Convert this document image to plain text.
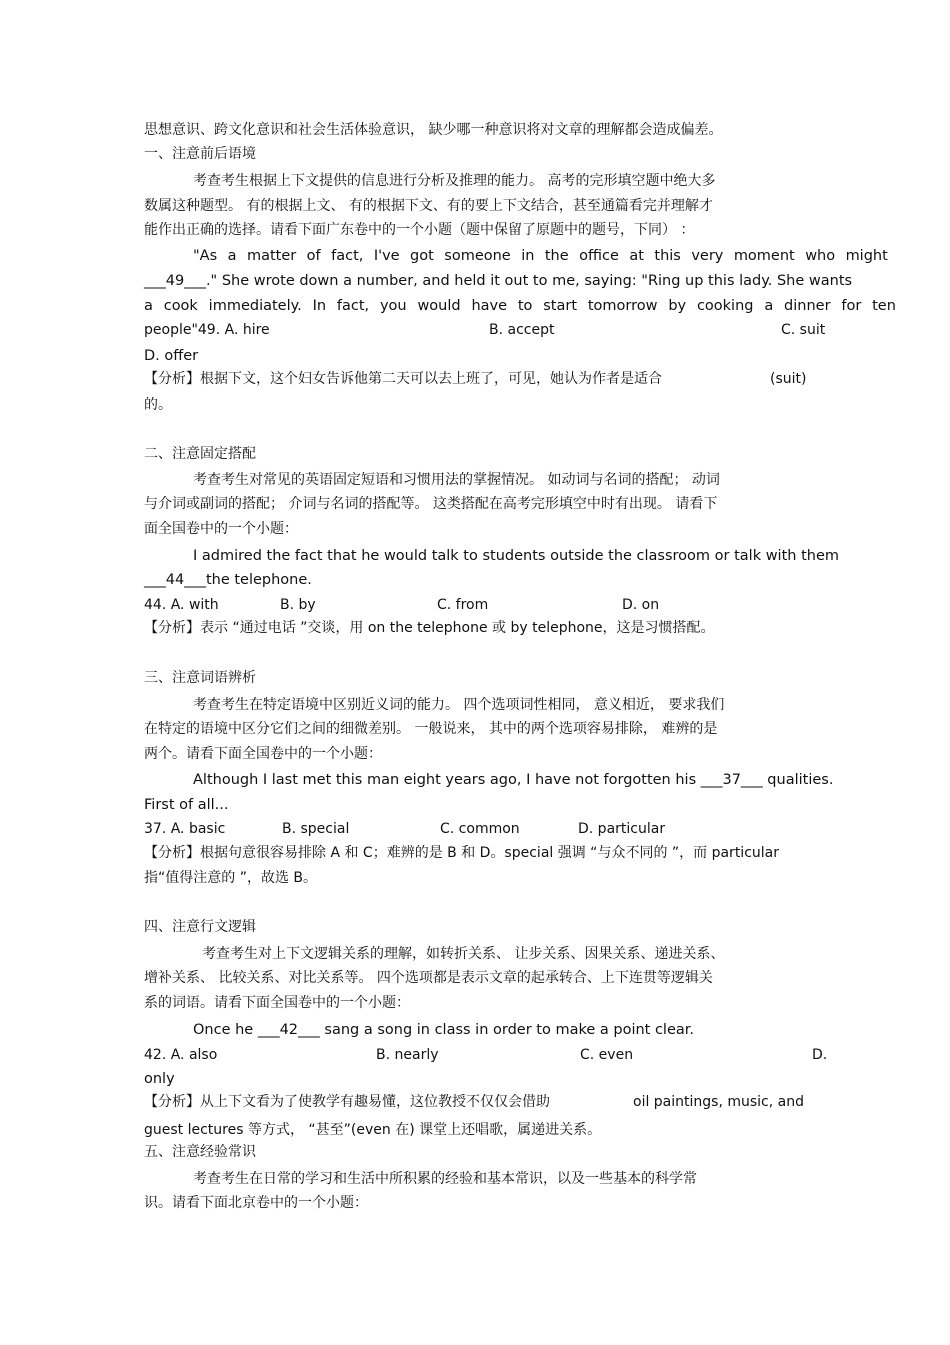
思想意识、跨文化意识和社会生活体验意识， 缺少哪一种意识将对文章的理解都会造成偏差。
一、注意前后语境
考查考生根据上下文提供的信息进行分析及推理的能力。 高考的完形填空题中绝大多
数属这种题型。 有的根据上文、 有的根据下文、有的要上下文结合，甚至通篇看完并理解才
能作出正确的选择。请看下面广东卷中的一个小题（题中保留了原题中的题号，下同） ：
"As a matter of fact, I've got someone in the office at this very moment who might
___49___." She wrote down a number, and held it out to me, saying: "Ring up this lady. She wants
a cook immediately. In fact, you would have to start tomorrow by cooking a dinner for ten
people"49. A. hire	B. accept	C. suit
D. offer
【分析】根据下文，这个妇女告诉他第二天可以去上班了，可见，她认为作者是适合	(suit)
的。
二、注意固定搭配
考查考生对常见的英语固定短语和习惯用法的掌握情况。 如动词与名词的搭配； 动词
与介词或副词的搭配； 介词与名词的搭配等。 这类搭配在高考完形填空中时有出现。 请看下
面全国卷中的一个小题：
I admired the fact that he would talk to students outside the classroom or talk with them
___44___the telephone.
44. A. with	B. by	C. from	D. on
【分析】表示 “通过电话 ”交谈，用 on the telephone 或 by telephone，这是习惯搭配。
三、注意词语辨析
考查考生在特定语境中区别近义词的能力。 四个选项词性相同， 意义相近， 要求我们
在特定的语境中区分它们之间的细微差别。 一般说来， 其中的两个选项容易排除， 难辨的是
两个。请看下面全国卷中的一个小题：
Although I last met this man eight years ago, I have not forgotten his ___37___ qualities.
First of all...
37. A. basic	B. special	C. common	D. particular
【分析】根据句意很容易排除 A 和 C；难辨的是 B 和 D。special 强调 “与众不同的 ”，而 particular
指“值得注意的 ”，故选 B。
四、注意行文逻辑
考查考生对上下文逻辑关系的理解，如转折关系、 让步关系、因果关系、递进关系、
增补关系、 比较关系、对比关系等。 四个选项都是表示文章的起承转合、上下连贯等逻辑关
系的词语。请看下面全国卷中的一个小题：
Once he ___42___ sang a song in class in order to make a point clear.
42. A. also	B. nearly	C. even	D.
only
【分析】从上下文看为了使教学有趣易懂，这位教授不仅仅会借助	oil paintings, music, and
guest lectures 等方式， “甚至”(even 在) 课堂上还唱歌，属递进关系。
五、注意经验常识
考查考生在日常的学习和生活中所积累的经验和基本常识，以及一些基本的科学常
识。请看下面北京卷中的一个小题：
